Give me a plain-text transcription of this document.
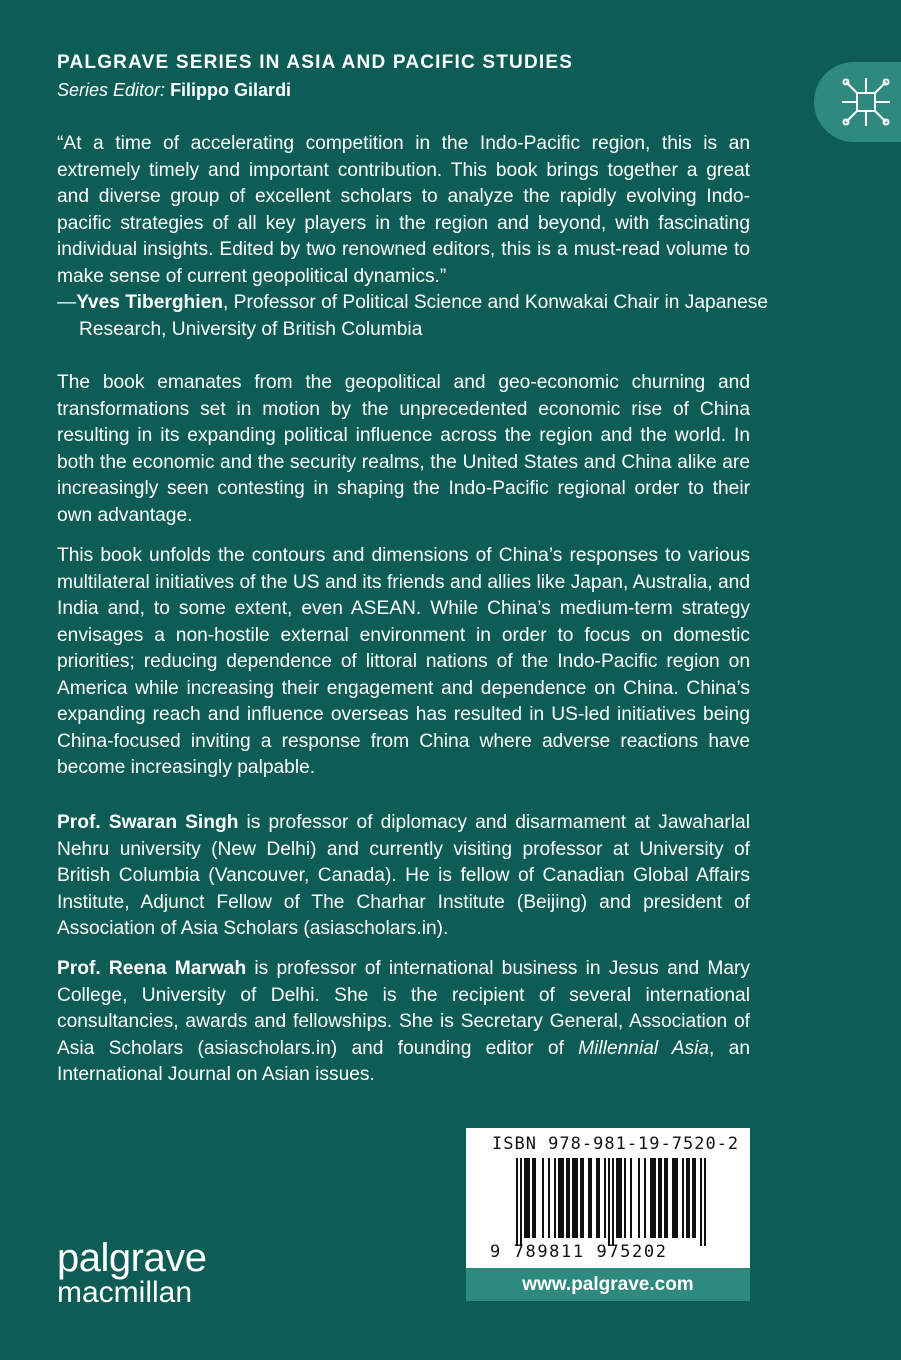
PALGRAVE SERIES IN ASIA AND PACIFIC STUDIES

Series Editor: Filippo Gilardi

“At a time of accelerating competition in the Indo-Pacific region, this is an extremely timely and important contribution. This book brings together a great and diverse group of excellent scholars to analyze the rapidly evolving Indo-pacific strategies of all key players in the region and beyond, with fascinating individual insights. Edited by two renowned editors, this is a must-read volume to make sense of current geopolitical dynamics.”

—Yves Tiberghien, Professor of Political Science and Konwakai Chair in Japanese Research, University of British Columbia

The book emanates from the geopolitical and geo-economic churning and transformations set in motion by the unprecedented economic rise of China resulting in its expanding political influence across the region and the world. In both the economic and the security realms, the United States and China alike are increasingly seen contesting in shaping the Indo-Pacific regional order to their own advantage.

This book unfolds the contours and dimensions of China’s responses to various multilateral initiatives of the US and its friends and allies like Japan, Australia, and India and, to some extent, even ASEAN. While China’s medium-term strategy envisages a non-hostile external environment in order to focus on domestic priorities; reducing dependence of littoral nations of the Indo-Pacific region on America while increasing their engagement and dependence on China. China’s expanding reach and influence overseas has resulted in US-led initiatives being China-focused inviting a response from China where adverse reactions have become increasingly palpable.

Prof. Swaran Singh is professor of diplomacy and disarmament at Jawaharlal Nehru university (New Delhi) and currently visiting professor at University of British Columbia (Vancouver, Canada). He is fellow of Canadian Global Affairs Institute, Adjunct Fellow of The Charhar Institute (Beijing) and president of Association of Asia Scholars (asiascholars.in).

Prof. Reena Marwah is professor of international business in Jesus and Mary College, University of Delhi. She is the recipient of several international consultancies, awards and fellowships. She is Secretary General, Association of Asia Scholars (asiascholars.in) and founding editor of Millennial Asia, an International Journal on Asian issues.

ISBN 978-981-19-7520-2

9 789811 975202

www.palgrave.com
palgrave
macmillan
